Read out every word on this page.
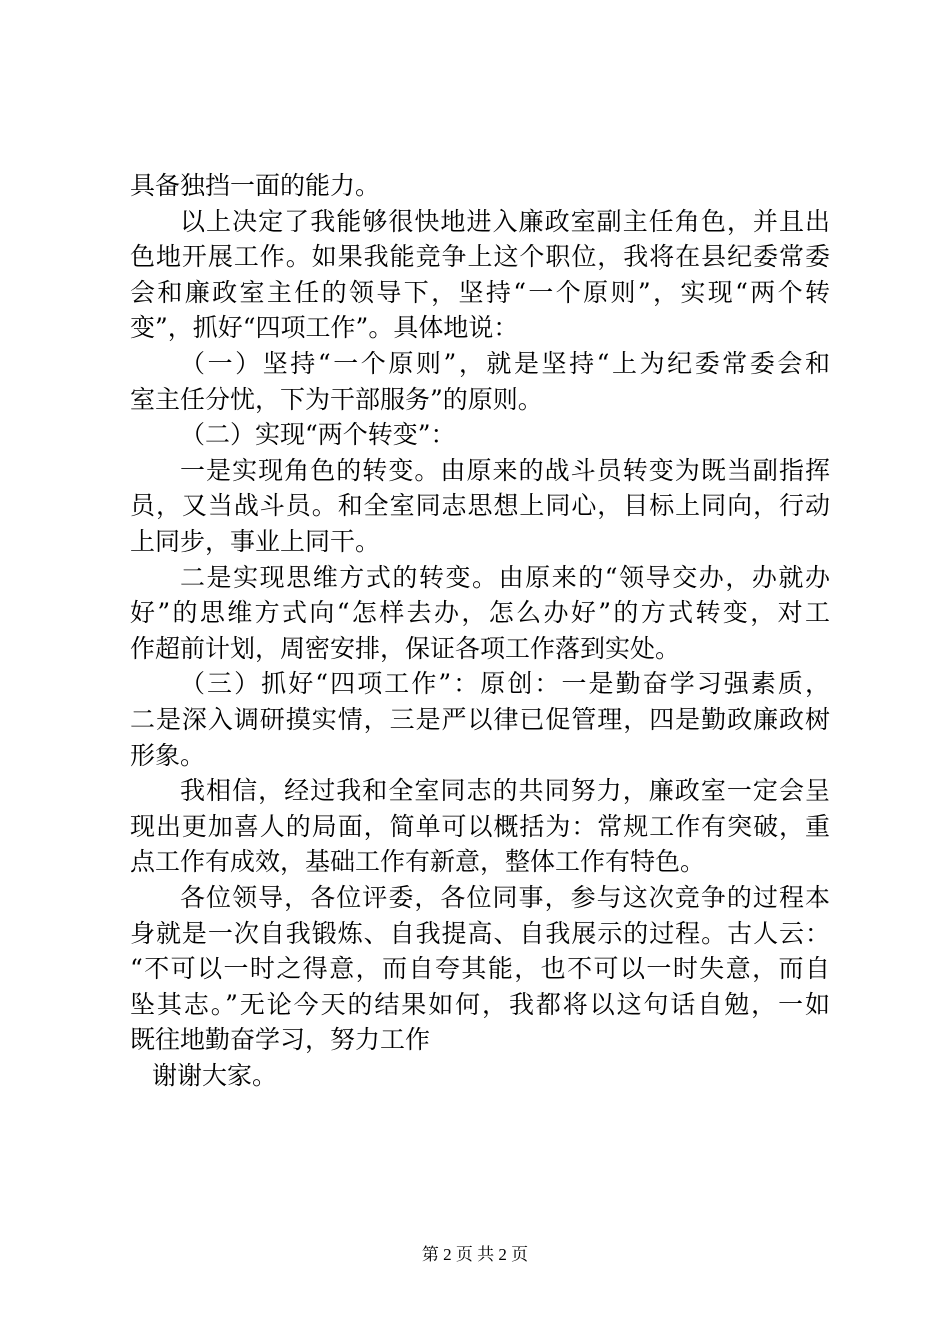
具备独挡一面的能力。
以上决定了我能够很快地进入廉政室副主任角色，并且出
色地开展工作。如果我能竞争上这个职位，我将在县纪委常委
会和廉政室主任的领导下，坚持“一个原则”，实现“两个转
变”，抓好“四项工作”。具体地说：
（一）坚持“一个原则”，就是坚持“上为纪委常委会和
室主任分忧，下为干部服务”的原则。
（二）实现“两个转变”：
一是实现角色的转变。由原来的战斗员转变为既当副指挥
员，又当战斗员。和全室同志思想上同心，目标上同向，行动
上同步，事业上同干。
二是实现思维方式的转变。由原来的“领导交办，办就办
好”的思维方式向“怎样去办，怎么办好”的方式转变，对工
作超前计划，周密安排，保证各项工作落到实处。
（三）抓好“四项工作”：原创：一是勤奋学习强素质，
二是深入调研摸实情，三是严以律已促管理，四是勤政廉政树
形象。
我相信，经过我和全室同志的共同努力，廉政室一定会呈
现出更加喜人的局面，简单可以概括为：常规工作有突破，重
点工作有成效，基础工作有新意，整体工作有特色。
各位领导，各位评委，各位同事，参与这次竞争的过程本
身就是一次自我锻炼、自我提高、自我展示的过程。古人云：
“不可以一时之得意，而自夸其能，也不可以一时失意，而自
坠其志。”无论今天的结果如何，我都将以这句话自勉，一如
既往地勤奋学习，努力工作
谢谢大家。
第 2 页 共 2 页
